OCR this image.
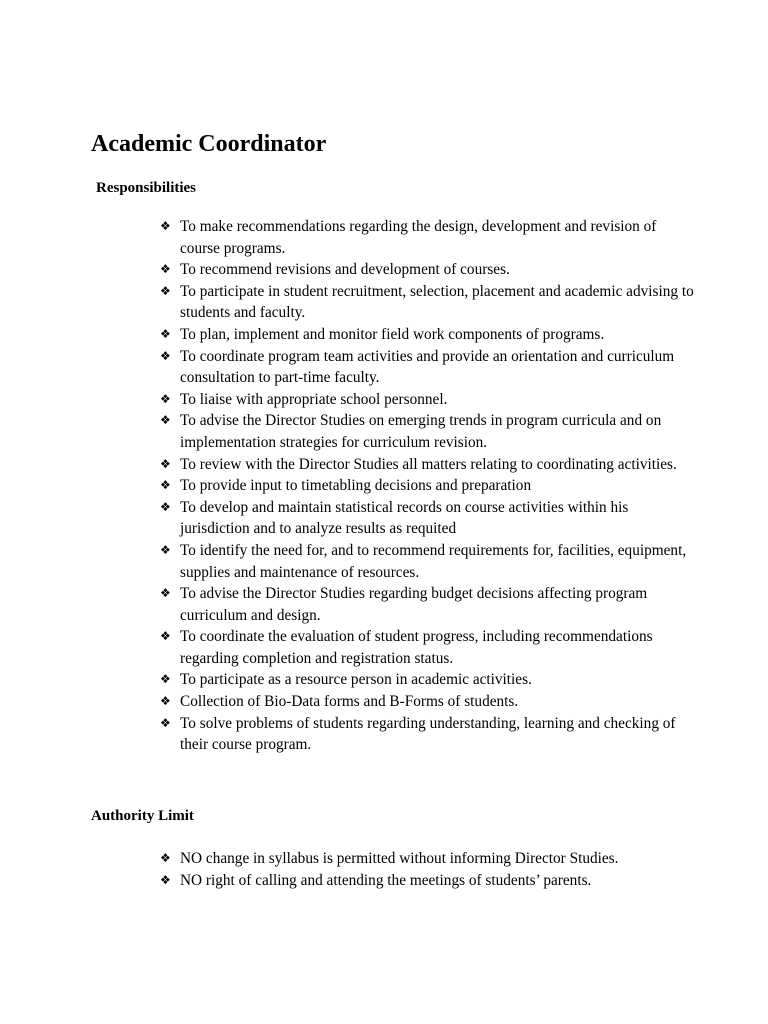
Academic Coordinator
Responsibilities
❖ To make recommendations regarding the design, development and revision of course programs.
❖ To recommend revisions and development of courses.
❖ To participate in student recruitment, selection, placement and academic advising to students and faculty.
❖ To plan, implement and monitor field work components of programs.
❖ To coordinate program team activities and provide an orientation and curriculum consultation to part-time faculty.
❖ To liaise with appropriate school personnel.
❖ To advise the Director Studies on emerging trends in program curricula and on implementation strategies for curriculum revision.
❖ To review with the Director Studies all matters relating to coordinating activities.
❖ To provide input to timetabling decisions and preparation
❖ To develop and maintain statistical records on course activities within his jurisdiction and to analyze results as requited
❖ To identify the need for, and to recommend requirements for, facilities, equipment, supplies and maintenance of resources.
❖ To advise the Director Studies regarding budget decisions affecting program curriculum and design.
❖ To coordinate the evaluation of student progress, including recommendations regarding completion and registration status.
❖ To participate as a resource person in academic activities.
❖ Collection of Bio-Data forms and B-Forms of students.
❖ To solve problems of students regarding understanding, learning and checking of their course program.
Authority Limit
❖ NO change in syllabus is permitted without informing Director Studies.
❖ NO right of calling and attending the meetings of students’ parents.
